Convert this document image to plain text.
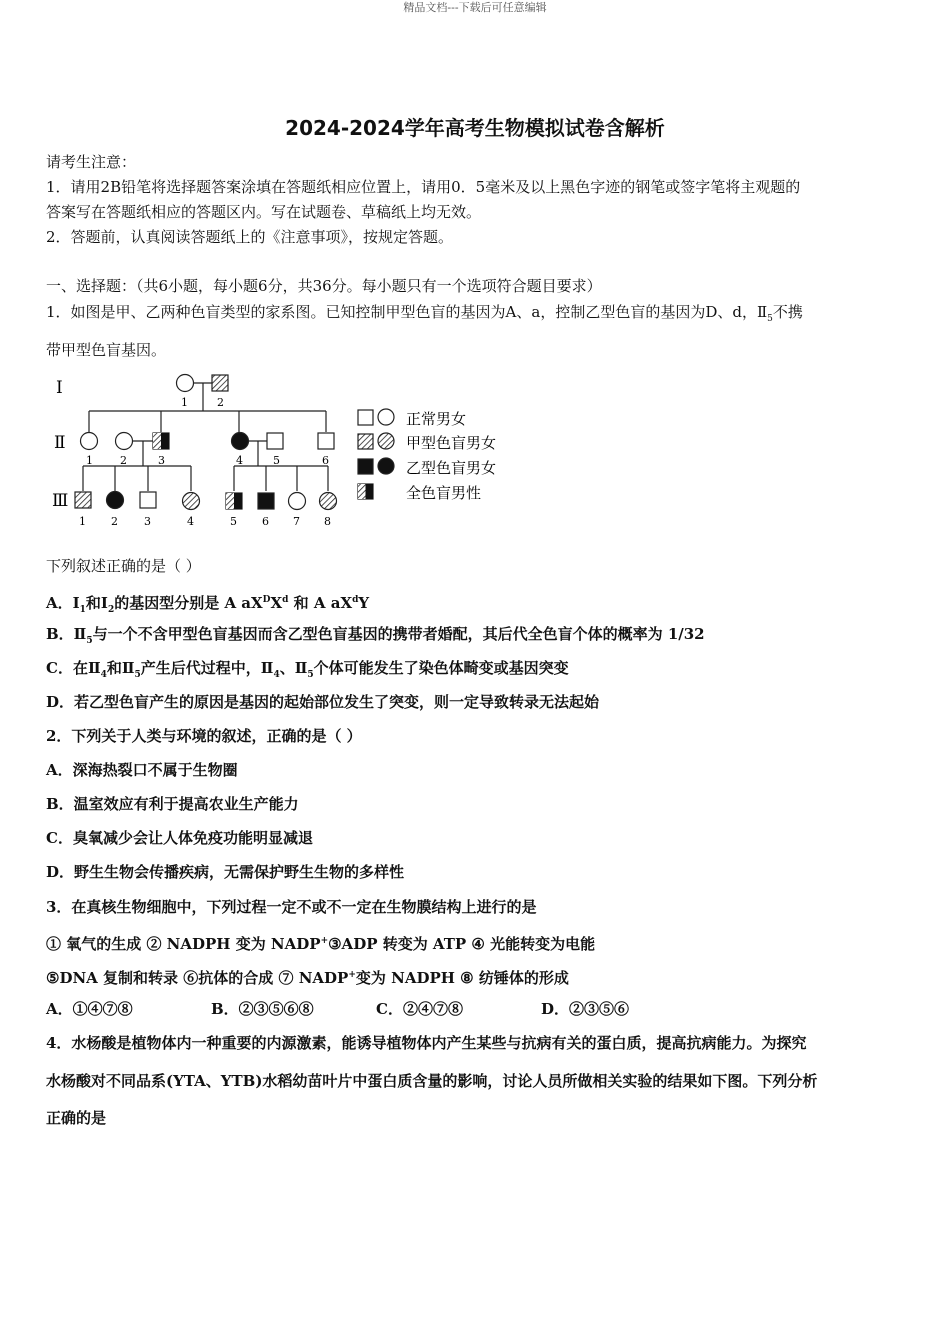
精品文档---下载后可任意编辑
2024-2024学年高考生物模拟试卷含解析
请考生注意：
1．请用2B铅笔将选择题答案涂填在答题纸相应位置上，请用0．5毫米及以上黑色字迹的钢笔或签字笔将主观题的
答案写在答题纸相应的答题区内。写在试题卷、草稿纸上均无效。
2．答题前，认真阅读答题纸上的《注意事项》，按规定答题。
一、选择题：（共6小题，每小题6分，共36分。每小题只有一个选项符合题目要求）
1．如图是甲、乙两种色盲类型的家系图。已知控制甲型色盲的基因为A、a，控制乙型色盲的基因为D、d，$Ⅱ_5$不携
带甲型色盲基因。
Ⅰ
Ⅱ
Ⅲ
1	2
1 2	3	4	5	6
1 2 3	4	5 6 7 8
正常男女
甲型色盲男女
乙型色盲男女
全色盲男性
下列叙述正确的是（ ）
A．$Ⅰ_1$和$Ⅰ_2$的基因型分别是 A $aX^DX^d$ 和 A $aX^dY$
B．$Ⅱ_5$与一个不含甲型色盲基因而含乙型色盲基因的携带者婚配，其后代全色盲个体的概率为 1/32
C．在$Ⅱ_4$和$Ⅱ_5$产生后代过程中，$Ⅱ_4$、$Ⅱ_5$个体可能发生了染色体畸变或基因突变
D．若乙型色盲产生的原因是基因的起始部位发生了突变，则一定导致转录无法起始
2．下列关于人类与环境的叙述，正确的是（ ）
A．深海热裂口不属于生物圈
B．温室效应有利于提高农业生产能力
C．臭氧减少会让人体免疫功能明显减退
D．野生生物会传播疾病，无需保护野生生物的多样性
3．在真核生物细胞中，下列过程一定不或不一定在生物膜结构上进行的是
① 氧气的生成 ② NADPH 变为 NADP+③ADP 转变为 ATP ④ 光能转变为电能
⑤DNA 复制和转录 ⑥抗体的合成 ⑦ NADP+变为 NADPH ⑧ 纺锤体的形成
A．①④⑦⑧	B．②③⑤⑥⑧	C．②④⑦⑧	D．②③⑤⑥
4．水杨酸是植物体内一种重要的内源激素，能诱导植物体内产生某些与抗病有关的蛋白质，提高抗病能力。为探究
水杨酸对不同品系(YTA、YTB)水稻幼苗叶片中蛋白质含量的影响，讨论人员所做相关实验的结果如下图。下列分析
正确的是
